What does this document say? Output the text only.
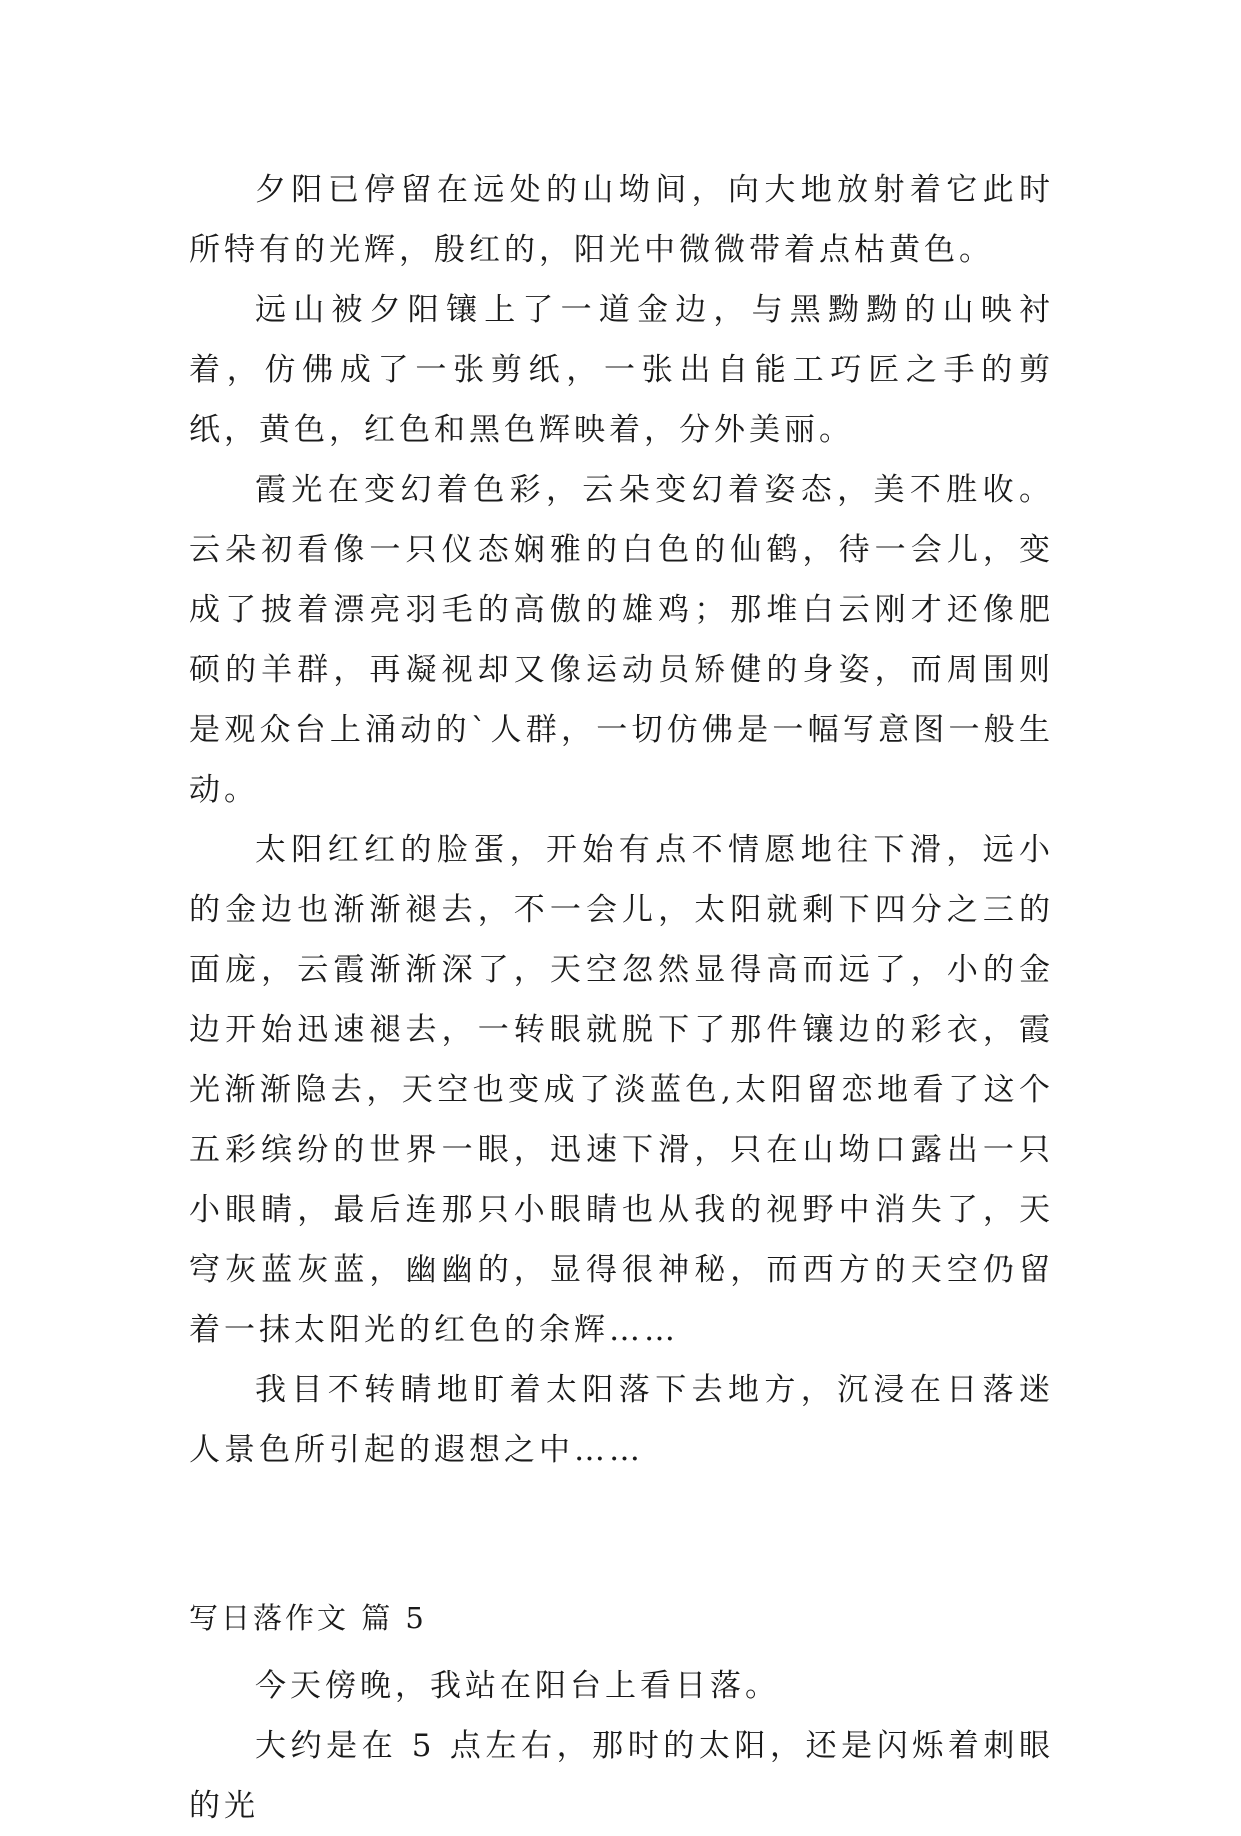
夕阳已停留在远处的山坳间，向大地放射着它此时所特有的光辉，殷红的，阳光中微微带着点枯黄色。

远山被夕阳镶上了一道金边，与黑黝黝的山映衬着，仿佛成了一张剪纸，一张出自能工巧匠之手的剪纸，黄色，红色和黑色辉映着，分外美丽。

霞光在变幻着色彩，云朵变幻着姿态，美不胜收。云朵初看像一只仪态娴雅的白色的仙鹤，待一会儿，变成了披着漂亮羽毛的高傲的雄鸡；那堆白云刚才还像肥硕的羊群，再凝视却又像运动员矫健的身姿，而周围则是观众台上涌动的`人群，一切仿佛是一幅写意图一般生动。

太阳红红的脸蛋，开始有点不情愿地往下滑，远小的金边也渐渐褪去，不一会儿，太阳就剩下四分之三的面庞，云霞渐渐深了，天空忽然显得高而远了，小的金边开始迅速褪去，一转眼就脱下了那件镶边的彩衣，霞光渐渐隐去，天空也变成了淡蓝色,太阳留恋地看了这个五彩缤纷的世界一眼，迅速下滑，只在山坳口露出一只小眼睛，最后连那只小眼睛也从我的视野中消失了，天穹灰蓝灰蓝，幽幽的，显得很神秘，而西方的天空仍留着一抹太阳光的红色的余辉……

我目不转睛地盯着太阳落下去地方，沉浸在日落迷人景色所引起的遐想之中……

写日落作文 篇 5

今天傍晚，我站在阳台上看日落。

大约是在 5 点左右，那时的太阳，还是闪烁着刺眼的光
